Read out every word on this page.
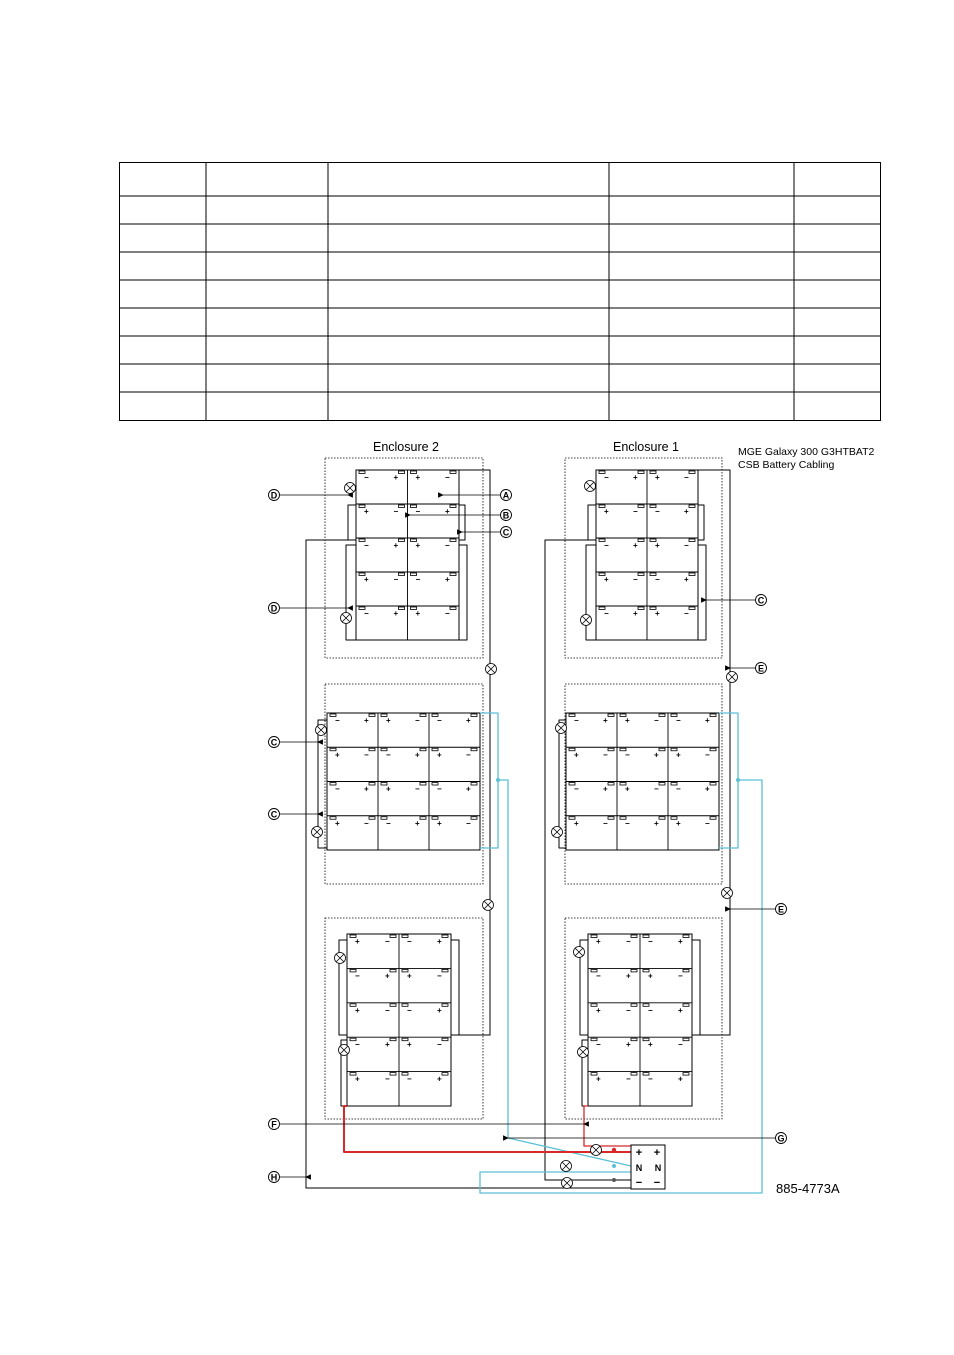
Enclosure 2	Enclosure 1	MGE Galaxy 300 G3HTBAT2
CSB Battery Cabling
885-4773A
−	+ +	−
+	− −	+
−	+ +	−
+	− −	+
−	+ +	−
−	+ +	−
+	− −	+
−	+ +	−
+	− −	+
−	+ +	−
−	+ +	− −	+
+	− −	+ +	−
−	+ +	− −	+
+	− −	+ +	−
−	+ +	− −	+
+	− −	+ +	−
−	+ +	− −	+
+	− −	+ +	−
+	− −	+
−	+ +	−
+	− −	+
−	+ +	−
+	− −	+
+	− −	+
−	+ +	−
+	− −	+
−	+ +	−
+	− −	+
A
B
C
D
D
C
E
C
C
E
F
G
H
+ +
N N
− −
